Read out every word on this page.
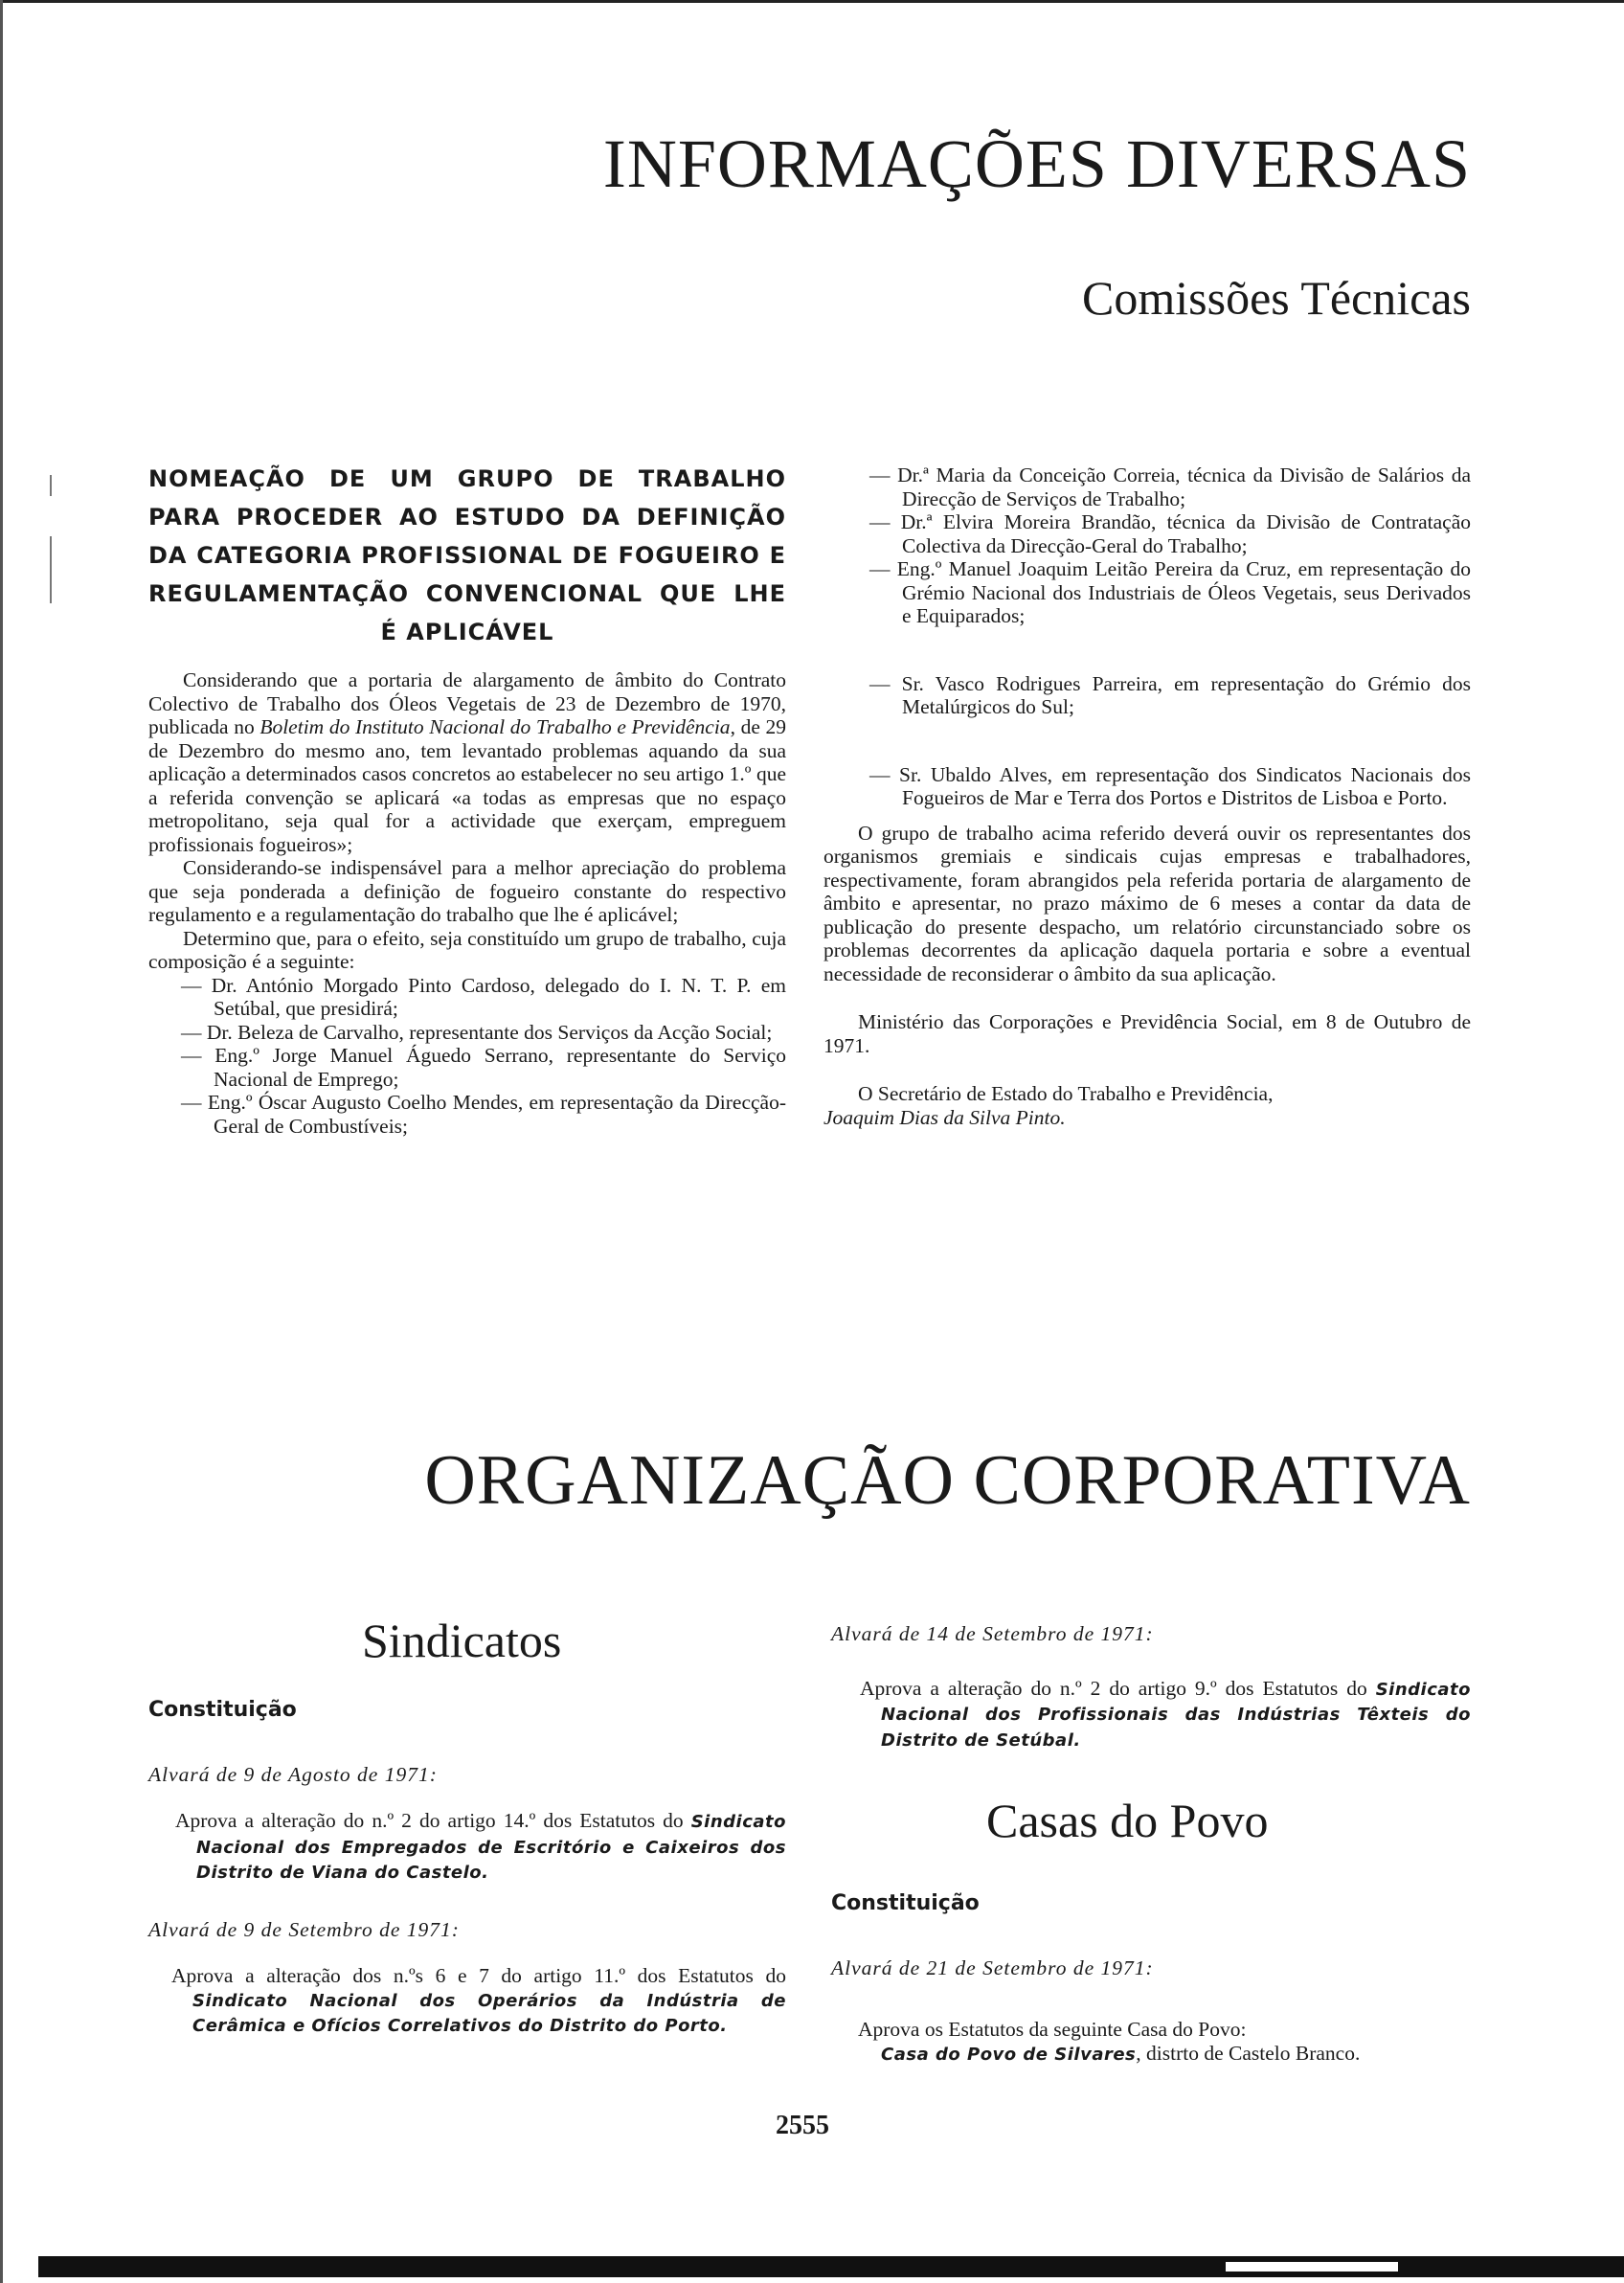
INFORMAÇÕES DIVERSAS
Comissões Técnicas

NOMEAÇÃO DE UM GRUPO DE TRABALHO PARA PROCEDER AO ESTUDO DA DEFINIÇÃO DA CATEGORIA PROFISSIONAL DE FOGUEIRO E REGULAMENTAÇÃO CONVENCIONAL QUE LHE É APLICÁVEL

Considerando que a portaria de alargamento de âmbito do Contrato Colectivo de Trabalho dos Óleos Vegetais de 23 de Dezembro de 1970, publicada no Boletim do Instituto Nacional do Trabalho e Previdência, de 29 de Dezembro do mesmo ano, tem levantado problemas aquando da sua aplicação a determinados casos concretos ao estabelecer no seu artigo 1.º que a referida convenção se aplicará «a todas as empresas que no espaço metropolitano, seja qual for a actividade que exerçam, empreguem profissionais fogueiros»;

Considerando-se indispensável para a melhor apreciação do problema que seja ponderada a definição de fogueiro constante do respectivo regulamento e a regulamentação do trabalho que lhe é aplicável;

Determino que, para o efeito, seja constituído um grupo de trabalho, cuja composição é a seguinte:

— Dr. António Morgado Pinto Cardoso, delegado do I. N. T. P. em Setúbal, que presidirá;

— Dr. Beleza de Carvalho, representante dos Serviços da Acção Social;

— Eng.º Jorge Manuel Águedo Serrano, representante do Serviço Nacional de Emprego;

— Eng.º Óscar Augusto Coelho Mendes, em representação da Direcção-Geral de Combustíveis;

— Dr.ª Maria da Conceição Correia, técnica da Divisão de Salários da Direcção de Serviços de Trabalho;

— Dr.ª Elvira Moreira Brandão, técnica da Divisão de Contratação Colectiva da Direcção-Geral do Trabalho;

— Eng.º Manuel Joaquim Leitão Pereira da Cruz, em representação do Grémio Nacional dos Industriais de Óleos Vegetais, seus Derivados e Equiparados;

— Sr. Vasco Rodrigues Parreira, em representação do Grémio dos Metalúrgicos do Sul;

— Sr. Ubaldo Alves, em representação dos Sindicatos Nacionais dos Fogueiros de Mar e Terra dos Portos e Distritos de Lisboa e Porto.

O grupo de trabalho acima referido deverá ouvir os representantes dos organismos gremiais e sindicais cujas empresas e trabalhadores, respectivamente, foram abrangidos pela referida portaria de alargamento de âmbito e apresentar, no prazo máximo de 6 meses a contar da data de publicação do presente despacho, um relatório circunstanciado sobre os problemas decorrentes da aplicação daquela portaria e sobre a eventual necessidade de reconsiderar o âmbito da sua aplicação.

Ministério das Corporações e Previdência Social, em 8 de Outubro de 1971.

O Secretário de Estado do Trabalho e Previdência,

Joaquim Dias da Silva Pinto.

ORGANIZAÇÃO CORPORATIVA
Sindicatos

Constituição

Alvará de 9 de Agosto de 1971:

Aprova a alteração do n.º 2 do artigo 14.º dos Estatutos do Sindicato Nacional dos Empregados de Escritório e Caixeiros dos Distrito de Viana do Castelo.

Alvará de 9 de Setembro de 1971:

Aprova a alteração dos n.ºs 6 e 7 do artigo 11.º dos Estatutos do Sindicato Nacional dos Operários da Indústria de Cerâmica e Ofícios Correlativos do Distrito do Porto.

Alvará de 14 de Setembro de 1971:

Aprova a alteração do n.º 2 do artigo 9.º dos Estatutos do Sindicato Nacional dos Profissionais das Indústrias Têxteis do Distrito de Setúbal.

Casas do Povo

Constituição

Alvará de 21 de Setembro de 1971:

Aprova os Estatutos da seguinte Casa do Povo:

Casa do Povo de Silvares, distrto de Castelo Branco.

2555
